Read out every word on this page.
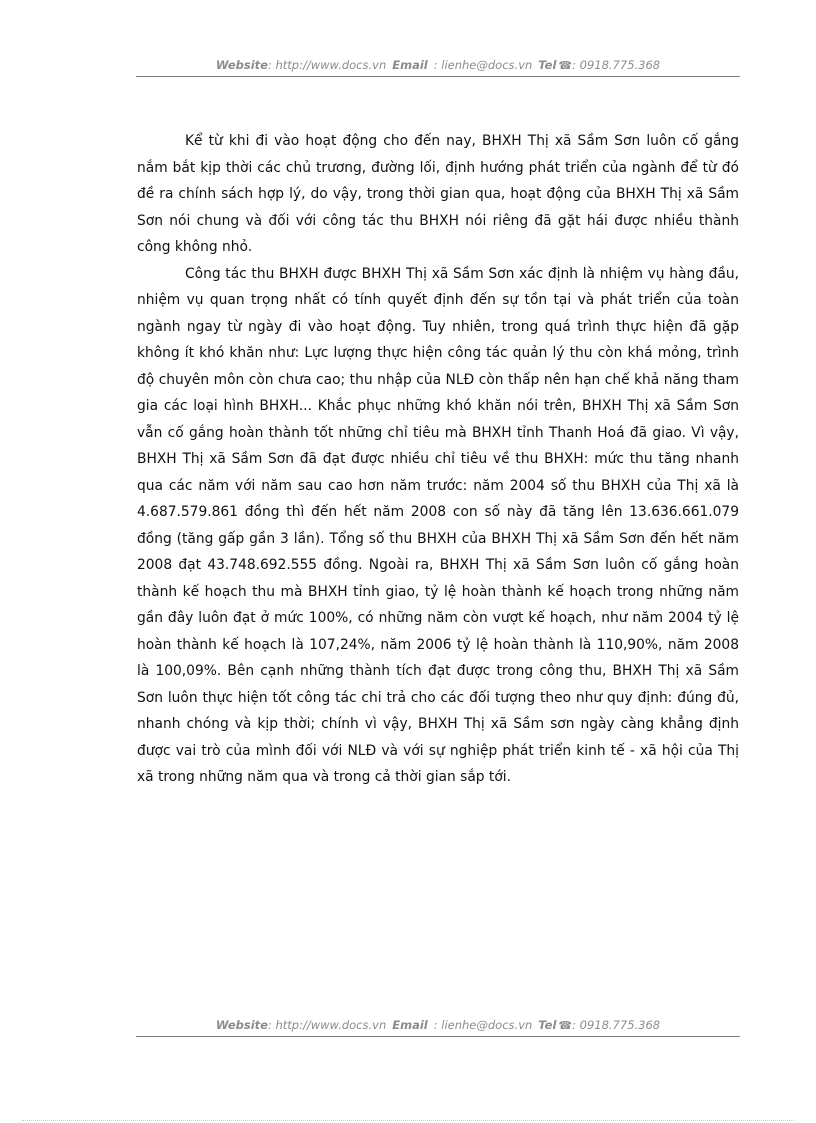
Website: http://www.docs.vn Email : lienhe@docs.vn Tel ☎: 0918.775.368

Kể từ khi đi vào hoạt động cho đến nay, BHXH Thị xã Sầm Sơn luôn cố gắng nắm bắt kịp thời các chủ trương, đường lối, định hướng phát triển của ngành để từ đó đề ra chính sách hợp lý, do vậy, trong thời gian qua, hoạt động của BHXH Thị xã Sầm Sơn nói chung và đối với công tác thu BHXH nói riêng đã gặt hái được nhiều thành công không nhỏ.

Công tác thu BHXH được BHXH Thị xã Sầm Sơn xác định là nhiệm vụ hàng đầu, nhiệm vụ quan trọng nhất có tính quyết định đến sự tồn tại và phát triển của toàn ngành ngay từ ngày đi vào hoạt động. Tuy nhiên, trong quá trình thực hiện đã gặp không ít khó khăn như: Lực lượng thực hiện công tác quản lý thu còn khá mỏng, trình độ chuyên môn còn chưa cao; thu nhập của NLĐ còn thấp nên hạn chế khả năng tham gia các loại hình BHXH... Khắc phục những khó khăn nói trên, BHXH Thị xã Sầm Sơn vẫn cố gắng hoàn thành tốt những chỉ tiêu mà BHXH tỉnh Thanh Hoá đã giao. Vì vậy, BHXH Thị xã Sầm Sơn đã đạt được nhiều chỉ tiêu về thu BHXH: mức thu tăng nhanh qua các năm với năm sau cao hơn năm trước: năm 2004 số thu BHXH của Thị xã là 4.687.579.861 đồng thì đến hết năm 2008 con số này đã tăng lên 13.636.661.079 đồng (tăng gấp gần 3 lần). Tổng số thu BHXH của BHXH Thị xã Sầm Sơn đến hết năm 2008 đạt 43.748.692.555 đồng. Ngoài ra, BHXH Thị xã Sầm Sơn luôn cố gắng hoàn thành kế hoạch thu mà BHXH tỉnh giao, tỷ lệ hoàn thành kế hoạch trong những năm gần đây luôn đạt ở mức 100%, có những năm còn vượt kế hoạch, như năm 2004 tỷ lệ hoàn thành kế hoạch là 107,24%, năm 2006 tỷ lệ hoàn thành là 110,90%, năm 2008 là 100,09%. Bên cạnh những thành tích đạt được trong công thu, BHXH Thị xã Sầm Sơn luôn thực hiện tốt công tác chi trả cho các đối tượng theo như quy định: đúng đủ, nhanh chóng và kịp thời; chính vì vậy, BHXH Thị xã Sầm sơn ngày càng khẳng định được vai trò của mình đối với NLĐ và với sự nghiệp phát triển kinh tế - xã hội của Thị xã trong những năm qua và trong cả thời gian sắp tới.

Website: http://www.docs.vn Email : lienhe@docs.vn Tel ☎: 0918.775.368
